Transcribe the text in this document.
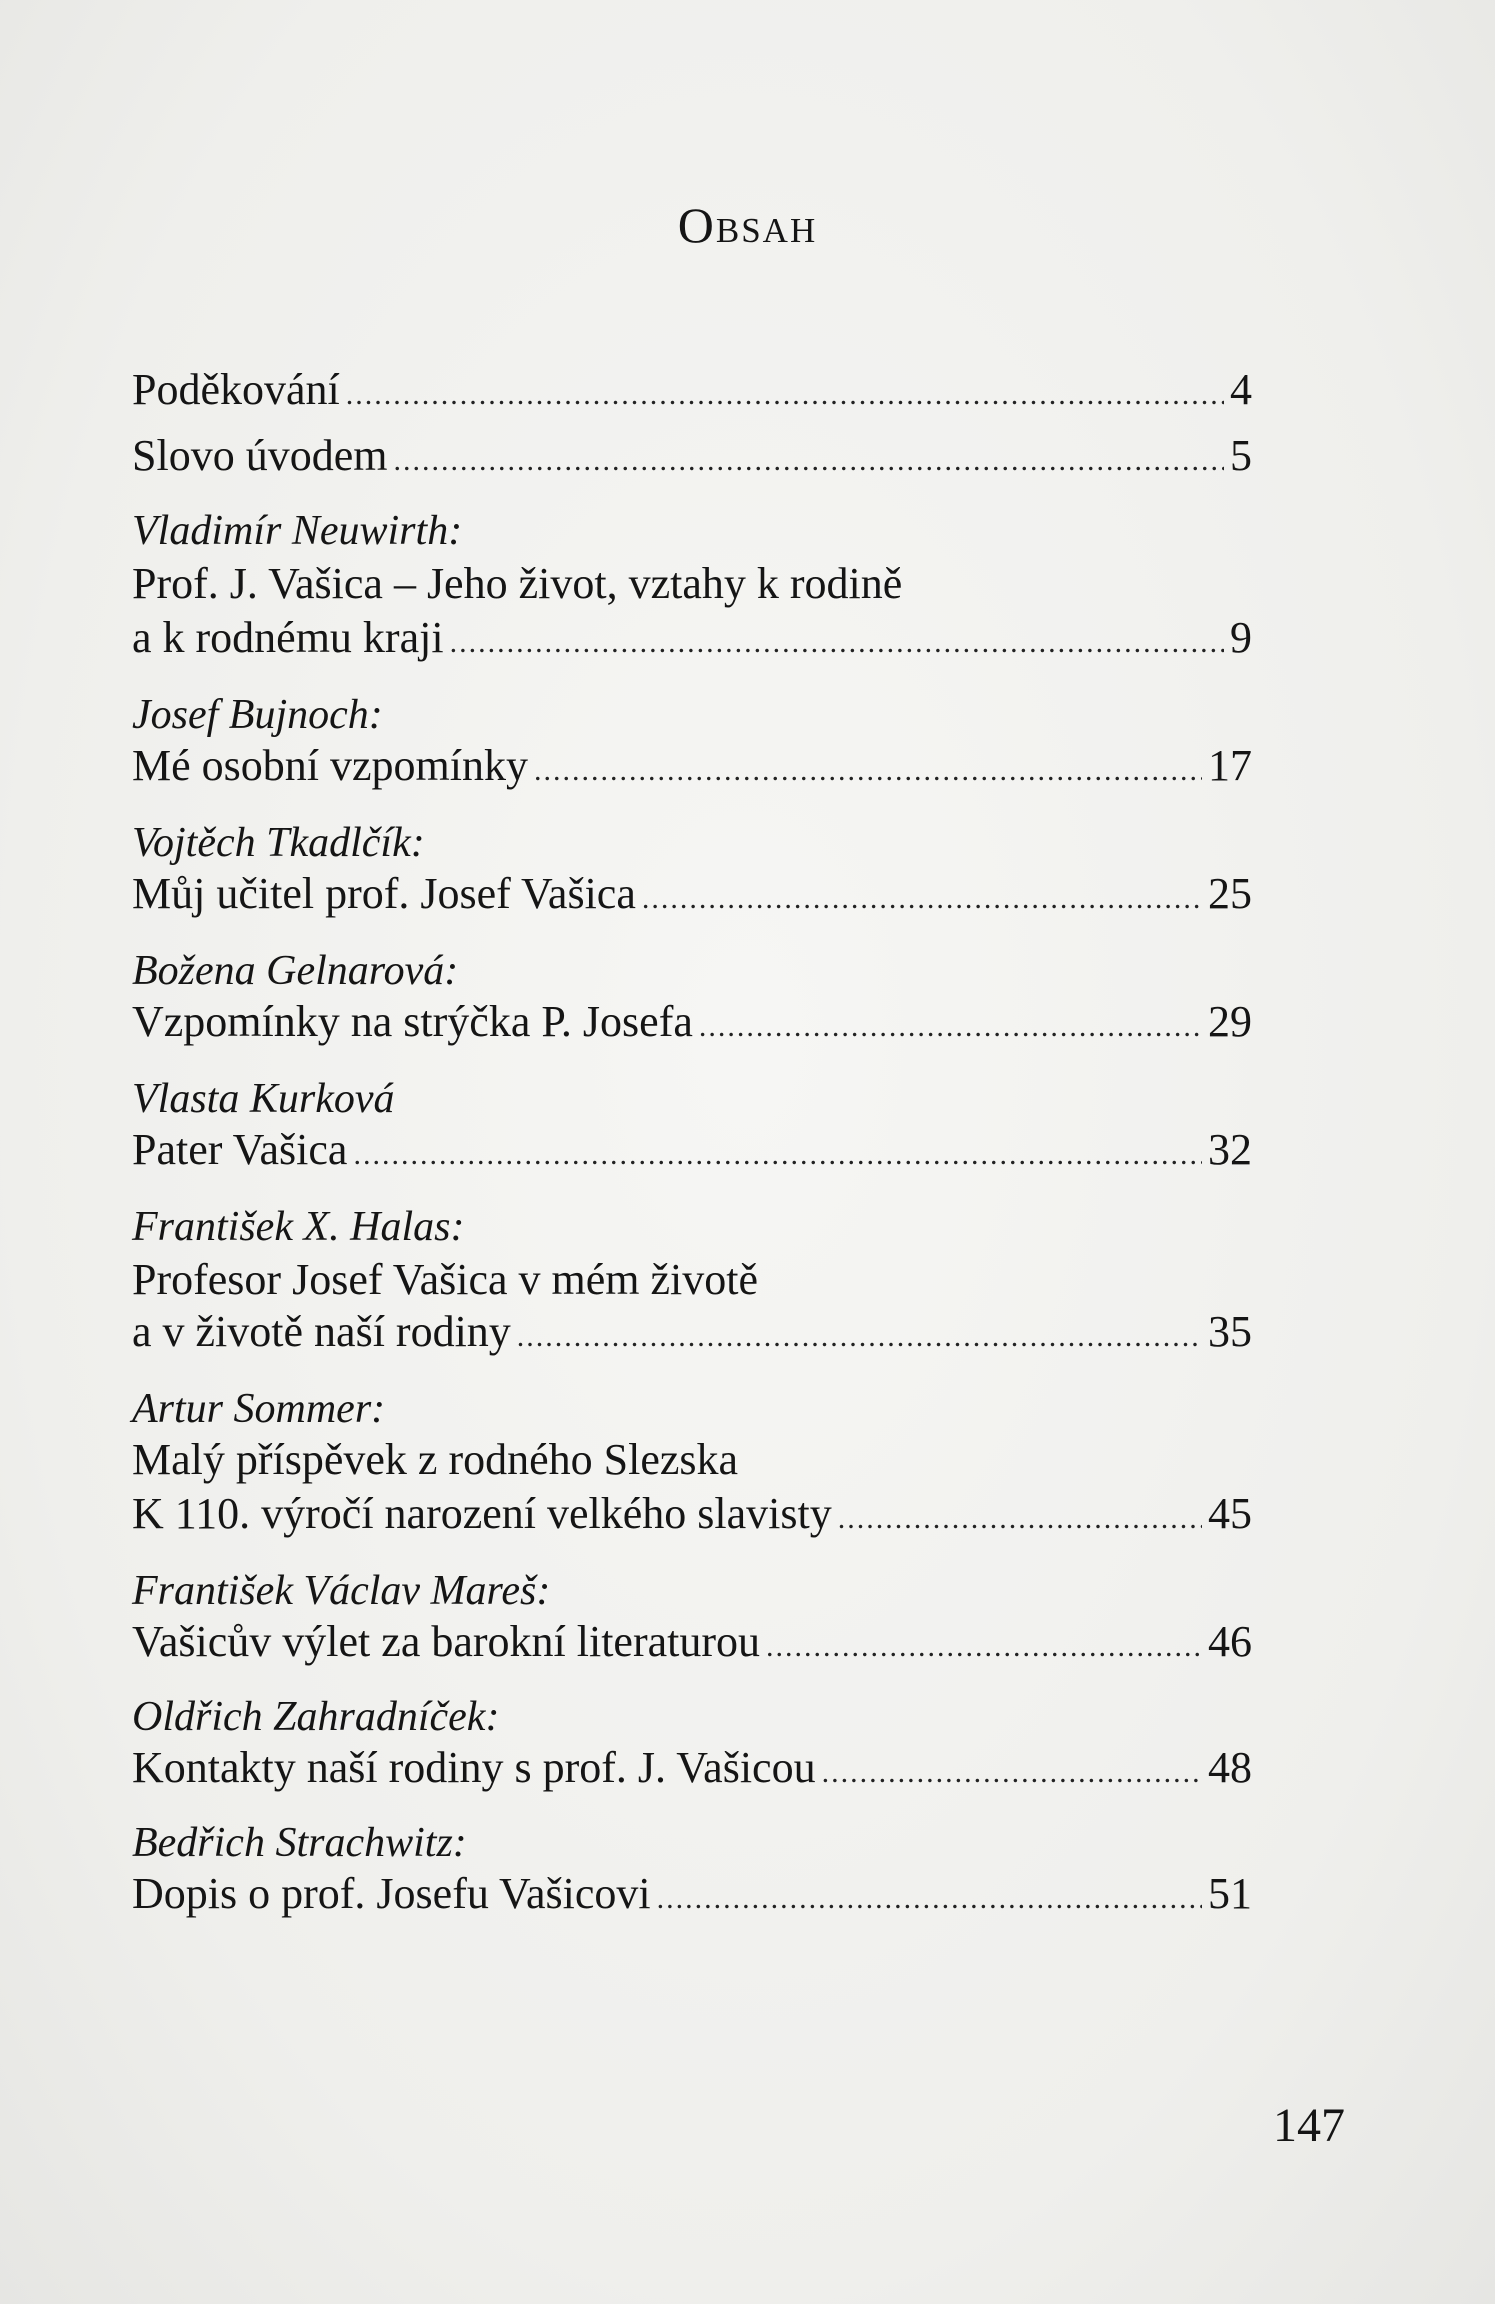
Obsah
Poděkování .....	4
Slovo úvodem .....	5
Vladimír Neuwirth:
Prof. J. Vašica – Jeho život, vztahy k rodině
a k rodnému kraji .....	9
Josef Bujnoch:
Mé osobní vzpomínky .....	17
Vojtěch Tkadlčík:
Můj učitel prof. Josef Vašica .....	25
Božena Gelnarová:
Vzpomínky na strýčka P. Josefa .....	29
Vlasta Kurková
Pater Vašica .....	32
František X. Halas:
Profesor Josef Vašica v mém životě
a v životě naší rodiny .....	35
Artur Sommer:
Malý příspěvek z rodného Slezska
K 110. výročí narození velkého slavisty .....	45
František Václav Mareš:
Vašicův výlet za barokní literaturou .....	46
Oldřich Zahradníček:
Kontakty naší rodiny s prof. J. Vašicou .....	48
Bedřich Strachwitz:
Dopis o prof. Josefu Vašicovi .....	51
147
